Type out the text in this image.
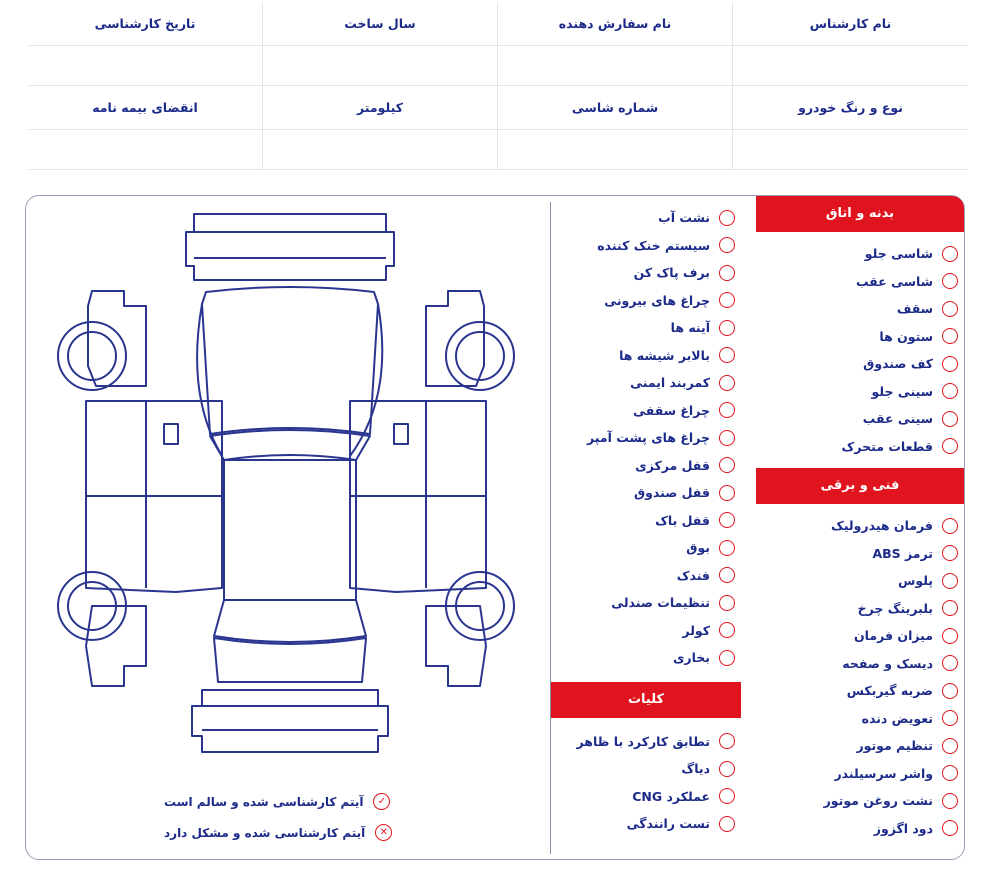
نام کارشناس
نام سفارش دهنده
سال ساخت
تاریخ کارشناسی
نوع و رنگ خودرو
شماره شاسی
کیلومتر
انقضای بیمه نامه
✓
آیتم کارشناسی شده و سالم است
✕
آیتم کارشناسی شده و مشکل دارد
نشت آب
سیستم خنک کننده
برف پاک کن
چراغ های بیرونی
آینه ها
بالابر شیشه ها
کمربند ایمنی
چراغ سقفی
چراغ های پشت آمپر
قفل مرکزی
قفل صندوق
قفل باک
بوق
فندک
تنظیمات صندلی
کولر
بخاری
کلیات
تطابق کارکرد با ظاهر
دیاگ
عملکرد CNG
تست رانندگی
بدنه و اتاق
شاسی جلو
شاسی عقب
سقف
ستون ها
کف صندوق
سینی جلو
سینی عقب
قطعات متحرک
فنی و برقی
فرمان هیدرولیک
ترمز ABS
پلوس
بلبرینگ چرخ
میزان فرمان
دیسک و صفحه
ضربه گیربکس
تعویض دنده
تنظیم موتور
واشر سرسیلندر
نشت روغن موتور
دود اگزوز
